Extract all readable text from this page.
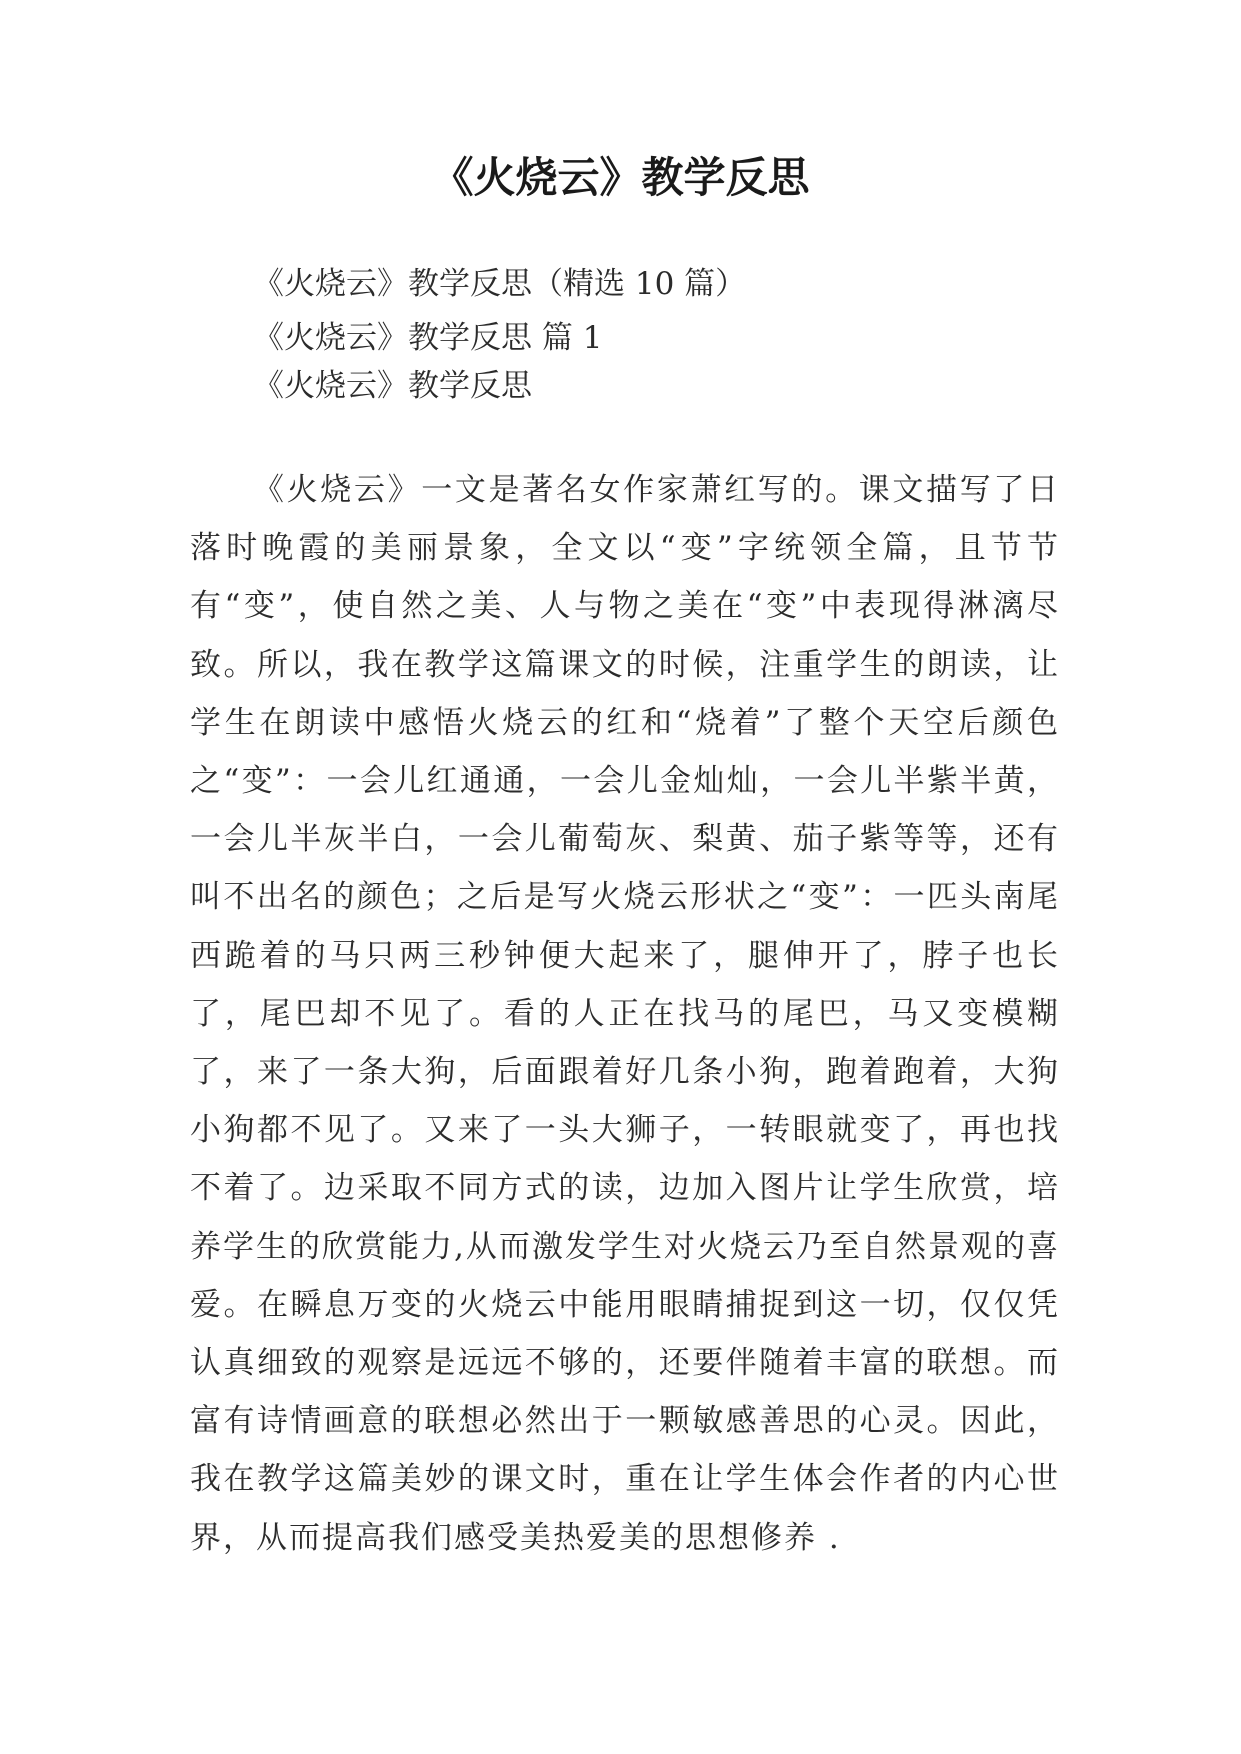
《火烧云》教学反思
《火烧云》教学反思（精选 10 篇）
《火烧云》教学反思 篇 1
《火烧云》教学反思

《火烧云》一文是著名女作家萧红写的。课文描写了日落时晚霞的美丽景象，全文以“变”字统领全篇，且节节有“变”，使自然之美、人与物之美在“变”中表现得淋漓尽致。所以，我在教学这篇课文的时候，注重学生的朗读，让学生在朗读中感悟火烧云的红和“烧着”了整个天空后颜色之“变”：一会儿红通通，一会儿金灿灿，一会儿半紫半黄，一会儿半灰半白，一会儿葡萄灰、梨黄、茄子紫等等，还有叫不出名的颜色；之后是写火烧云形状之“变”：一匹头南尾西跪着的马只两三秒钟便大起来了，腿伸开了，脖子也长了，尾巴却不见了。看的人正在找马的尾巴，马又变模糊了，来了一条大狗，后面跟着好几条小狗，跑着跑着，大狗小狗都不见了。又来了一头大狮子，一转眼就变了，再也找不着了。边采取不同方式的读，边加入图片让学生欣赏，培养学生的欣赏能力,从而激发学生对火烧云乃至自然景观的喜爱。在瞬息万变的火烧云中能用眼睛捕捉到这一切，仅仅凭认真细致的观察是远远不够的，还要伴随着丰富的联想。而富有诗情画意的联想必然出于一颗敏感善思的心灵。因此，我在教学这篇美妙的课文时，重在让学生体会作者的内心世界，从而提高我们感受美热爱美的思想修养 .
